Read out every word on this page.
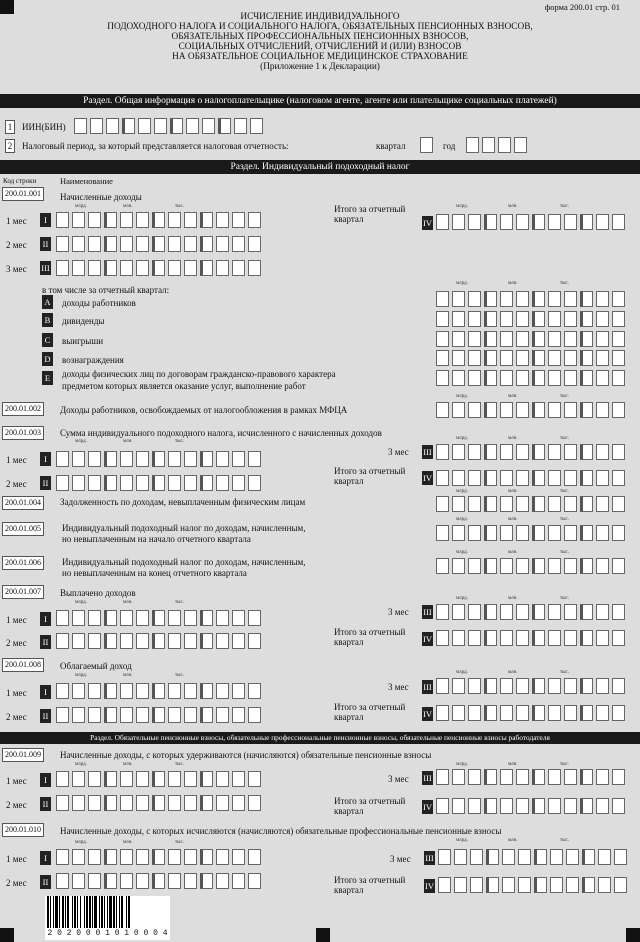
форма 200.01 стр. 01
ИСЧИСЛЕНИЕ ИНДИВИДУАЛЬНОГО
ПОДОХОДНОГО НАЛОГА И СОЦИАЛЬНОГО НАЛОГА, ОБЯЗАТЕЛЬНЫХ ПЕНСИОННЫХ ВЗНОСОВ,
ОБЯЗАТЕЛЬНЫХ ПРОФЕССИОНАЛЬНЫХ ПЕНСИОННЫХ ВЗНОСОВ,
СОЦИАЛЬНЫХ ОТЧИСЛЕНИЙ, ОТЧИСЛЕНИЙ И (ИЛИ) ВЗНОСОВ
НА ОБЯЗАТЕЛЬНОЕ СОЦИАЛЬНОЕ МЕДИЦИНСКОЕ СТРАХОВАНИЕ
(Приложение 1 к Декларации)
Раздел. Общая информация о налогоплательщике (налоговом агенте, агенте или плательщике социальных платежей)
1	ИИН(БИН)
2	Налоговый период, за который представляется налоговая отчетность:	квартал	год
Раздел. Индивидуальный подоходный налог
Код строки	Наименование
200.01.001	Начисленные доходы
млрд.	млн.	тыс.
1 мес	I
2 мес	II
3 мес III
Итого за отчетный
квартал	IV
млрд.	млн.	тыс.
в том числе за отчетный квартал:
млрд.	млн.	тыс.
A доходы работников
B дивиденды
C выигрыши
D вознаграждения
E	доходы физических лиц по договорам гражданско-правового характера
предметом которых является оказание услуг, выполнение работ
200.01.002	Доходы работников, освобождаемых от налогообложения в рамках МФЦА
млрд.	млн.	тыс.
200.01.003	Сумма индивидуального подоходного налога, исчисленного с начисленных доходов
млрд.	млн.	тыс.
млрд.	млн.	тыс.
1 мес	I
3 мес III
2 мес	II
Итого за отчетный
квартал	IV
200.01.004	Задолженность по доходам, невыплаченным физическим лицам
млрд.	млн.	тыс.
200.01.005	Индивидуальный подоходный налог по доходам, начисленным,
но невыплаченным на начало отчетного квартала
млрд.	млн.	тыс.
200.01.006	Индивидуальный подоходный налог по доходам, начисленным,
но невыплаченным на конец отчетного квартала
млрд.	млн.	тыс.
200.01.007	Выплачено доходов
млрд.	млн.	тыс.
млрд.	млн.	тыс.
1 мес	I
3 мес III
2 мес	II
Итого за отчетный
квартал	IV
200.01.008	Облагаемый доход
млрд.	млн.	тыс.
млрд.	млн.	тыс.
1 мес	I	3 мес III
2 мес	II
Итого за отчетный
квартал	IV
Раздел. Обязательные пенсионные взносы, обязательные профессиональные пенсионные взносы, обязательные пенсионные взносы работодателя
200.01.009	Начисленные доходы, с которых удерживаются (начисляются) обязательные пенсионные взносы
млрд.	млн.	тыс.	млрд.	млн.	тыс.
1 мес	I	3 мес III
2 мес	II	Итого за отчетный
квартал	IV
200.01.010	Начисленные доходы, с которых исчисляются (начисляются) обязательные профессиональные пенсионные взносы
млрд.	млн.	тыс.	млрд.	млн.	тыс.
1 мес	I	3 мес III
2 мес	II	Итого за отчетный
квартал	IV
2 0 2 0 0 0 1 0 1 0 0 0 4
